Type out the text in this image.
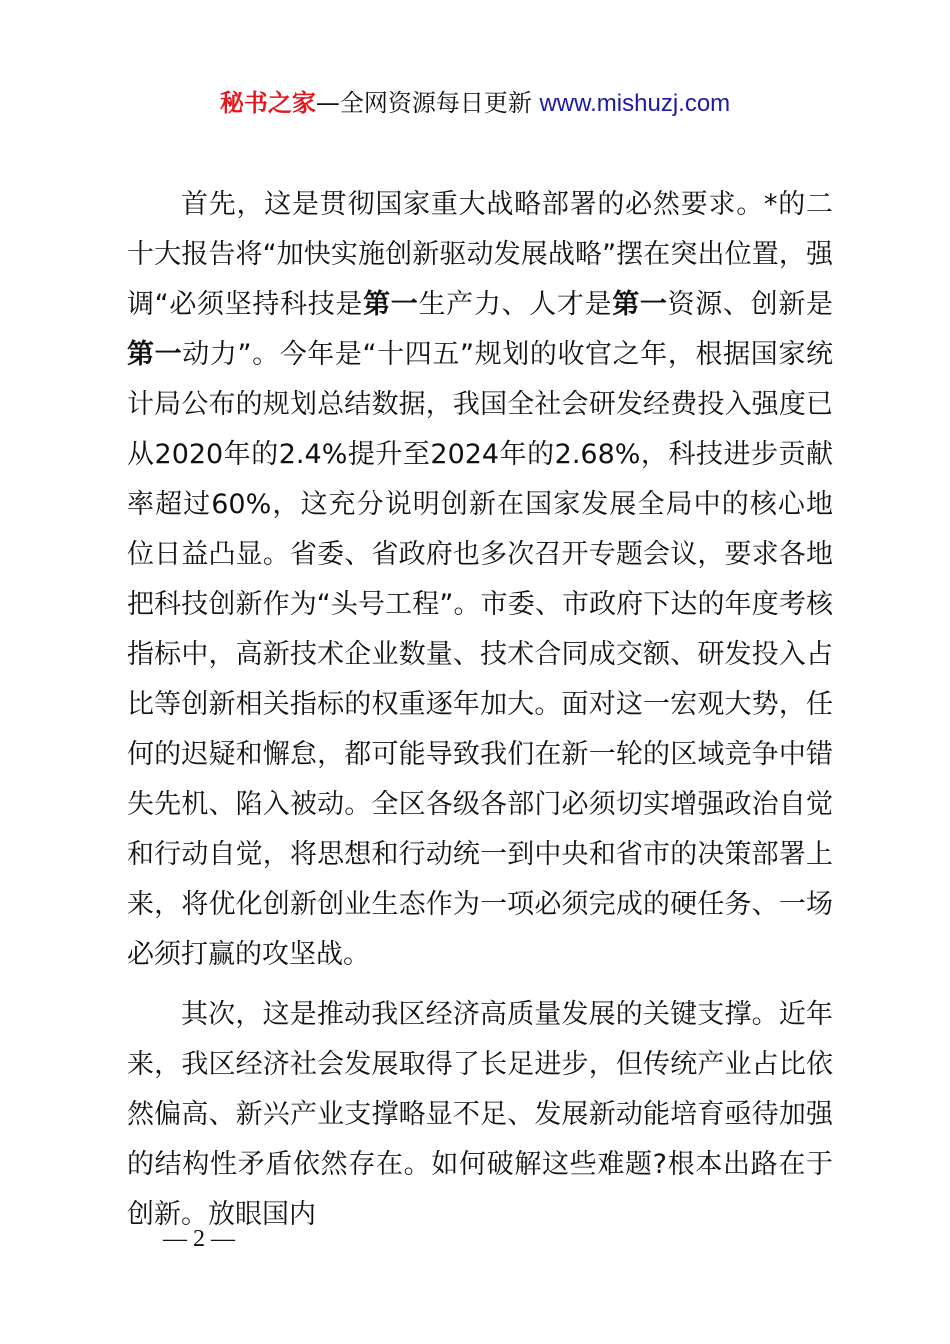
秘书之家—全网资源每日更新 www.mishuzj.com

首先，这是贯彻国家重大战略部署的必然要求。*的二十大报告将“加快实施创新驱动发展战略”摆在突出位置，强调“必须坚持科技是第一生产力、人才是第一资源、创新是第一动力”。今年是“十四五”规划的收官之年，根据国家统计局公布的规划总结数据，我国全社会研发经费投入强度已从2020年的2.4%提升至2024年的2.68%，科技进步贡献率超过60%，这充分说明创新在国家发展全局中的核心地位日益凸显。省委、省政府也多次召开专题会议，要求各地把科技创新作为“头号工程”。市委、市政府下达的年度考核指标中，高新技术企业数量、技术合同成交额、研发投入占比等创新相关指标的权重逐年加大。面对这一宏观大势，任何的迟疑和懈怠，都可能导致我们在新一轮的区域竞争中错失先机、陷入被动。全区各级各部门必须切实增强政治自觉和行动自觉，将思想和行动统一到中央和省市的决策部署上来，将优化创新创业生态作为一项必须完成的硬任务、一场必须打赢的攻坚战。

其次，这是推动我区经济高质量发展的关键支撑。近年来，我区经济社会发展取得了长足进步，但传统产业占比依然偏高、新兴产业支撑略显不足、发展新动能培育亟待加强的结构性矛盾依然存在。如何破解这些难题?根本出路在于创新。放眼国内

— 2 —
